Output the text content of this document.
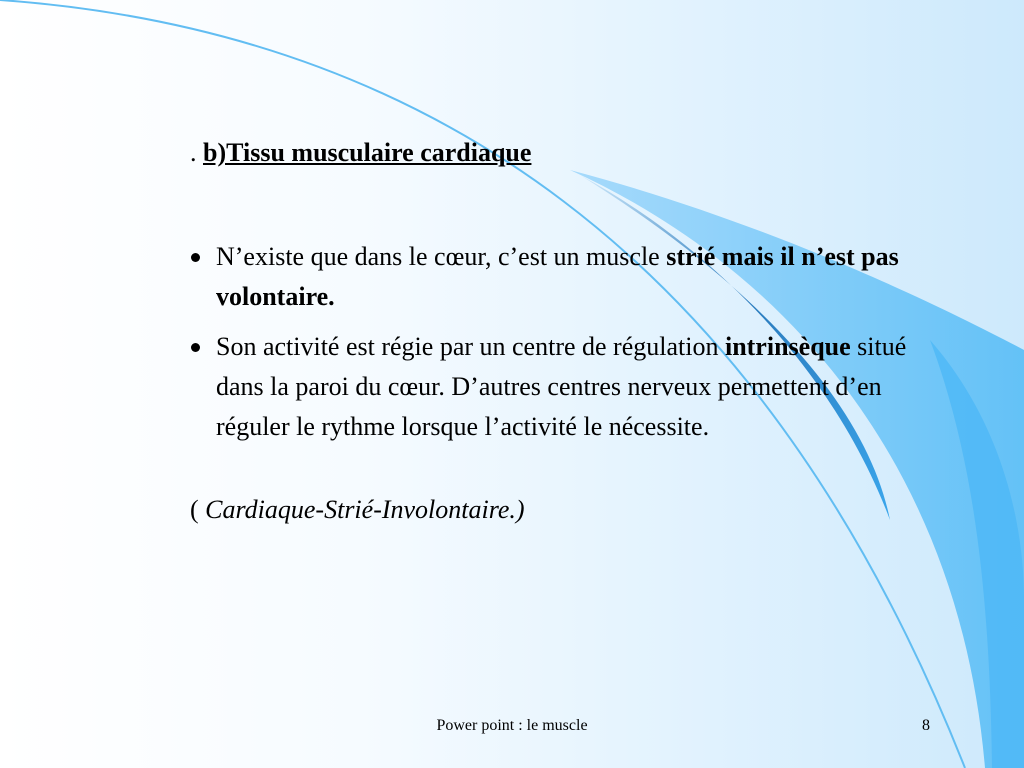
. b)Tissu musculaire cardiaque
N’existe que dans le cœur, c’est un muscle strié mais il n’est pas volontaire.
Son activité est régie par un centre de régulation intrinsèque situé dans la paroi du cœur. D’autres centres nerveux permettent d’en réguler le rythme lorsque l’activité le nécessite.
( Cardiaque-Strié-Involontaire.)
Power point : le muscle	8
